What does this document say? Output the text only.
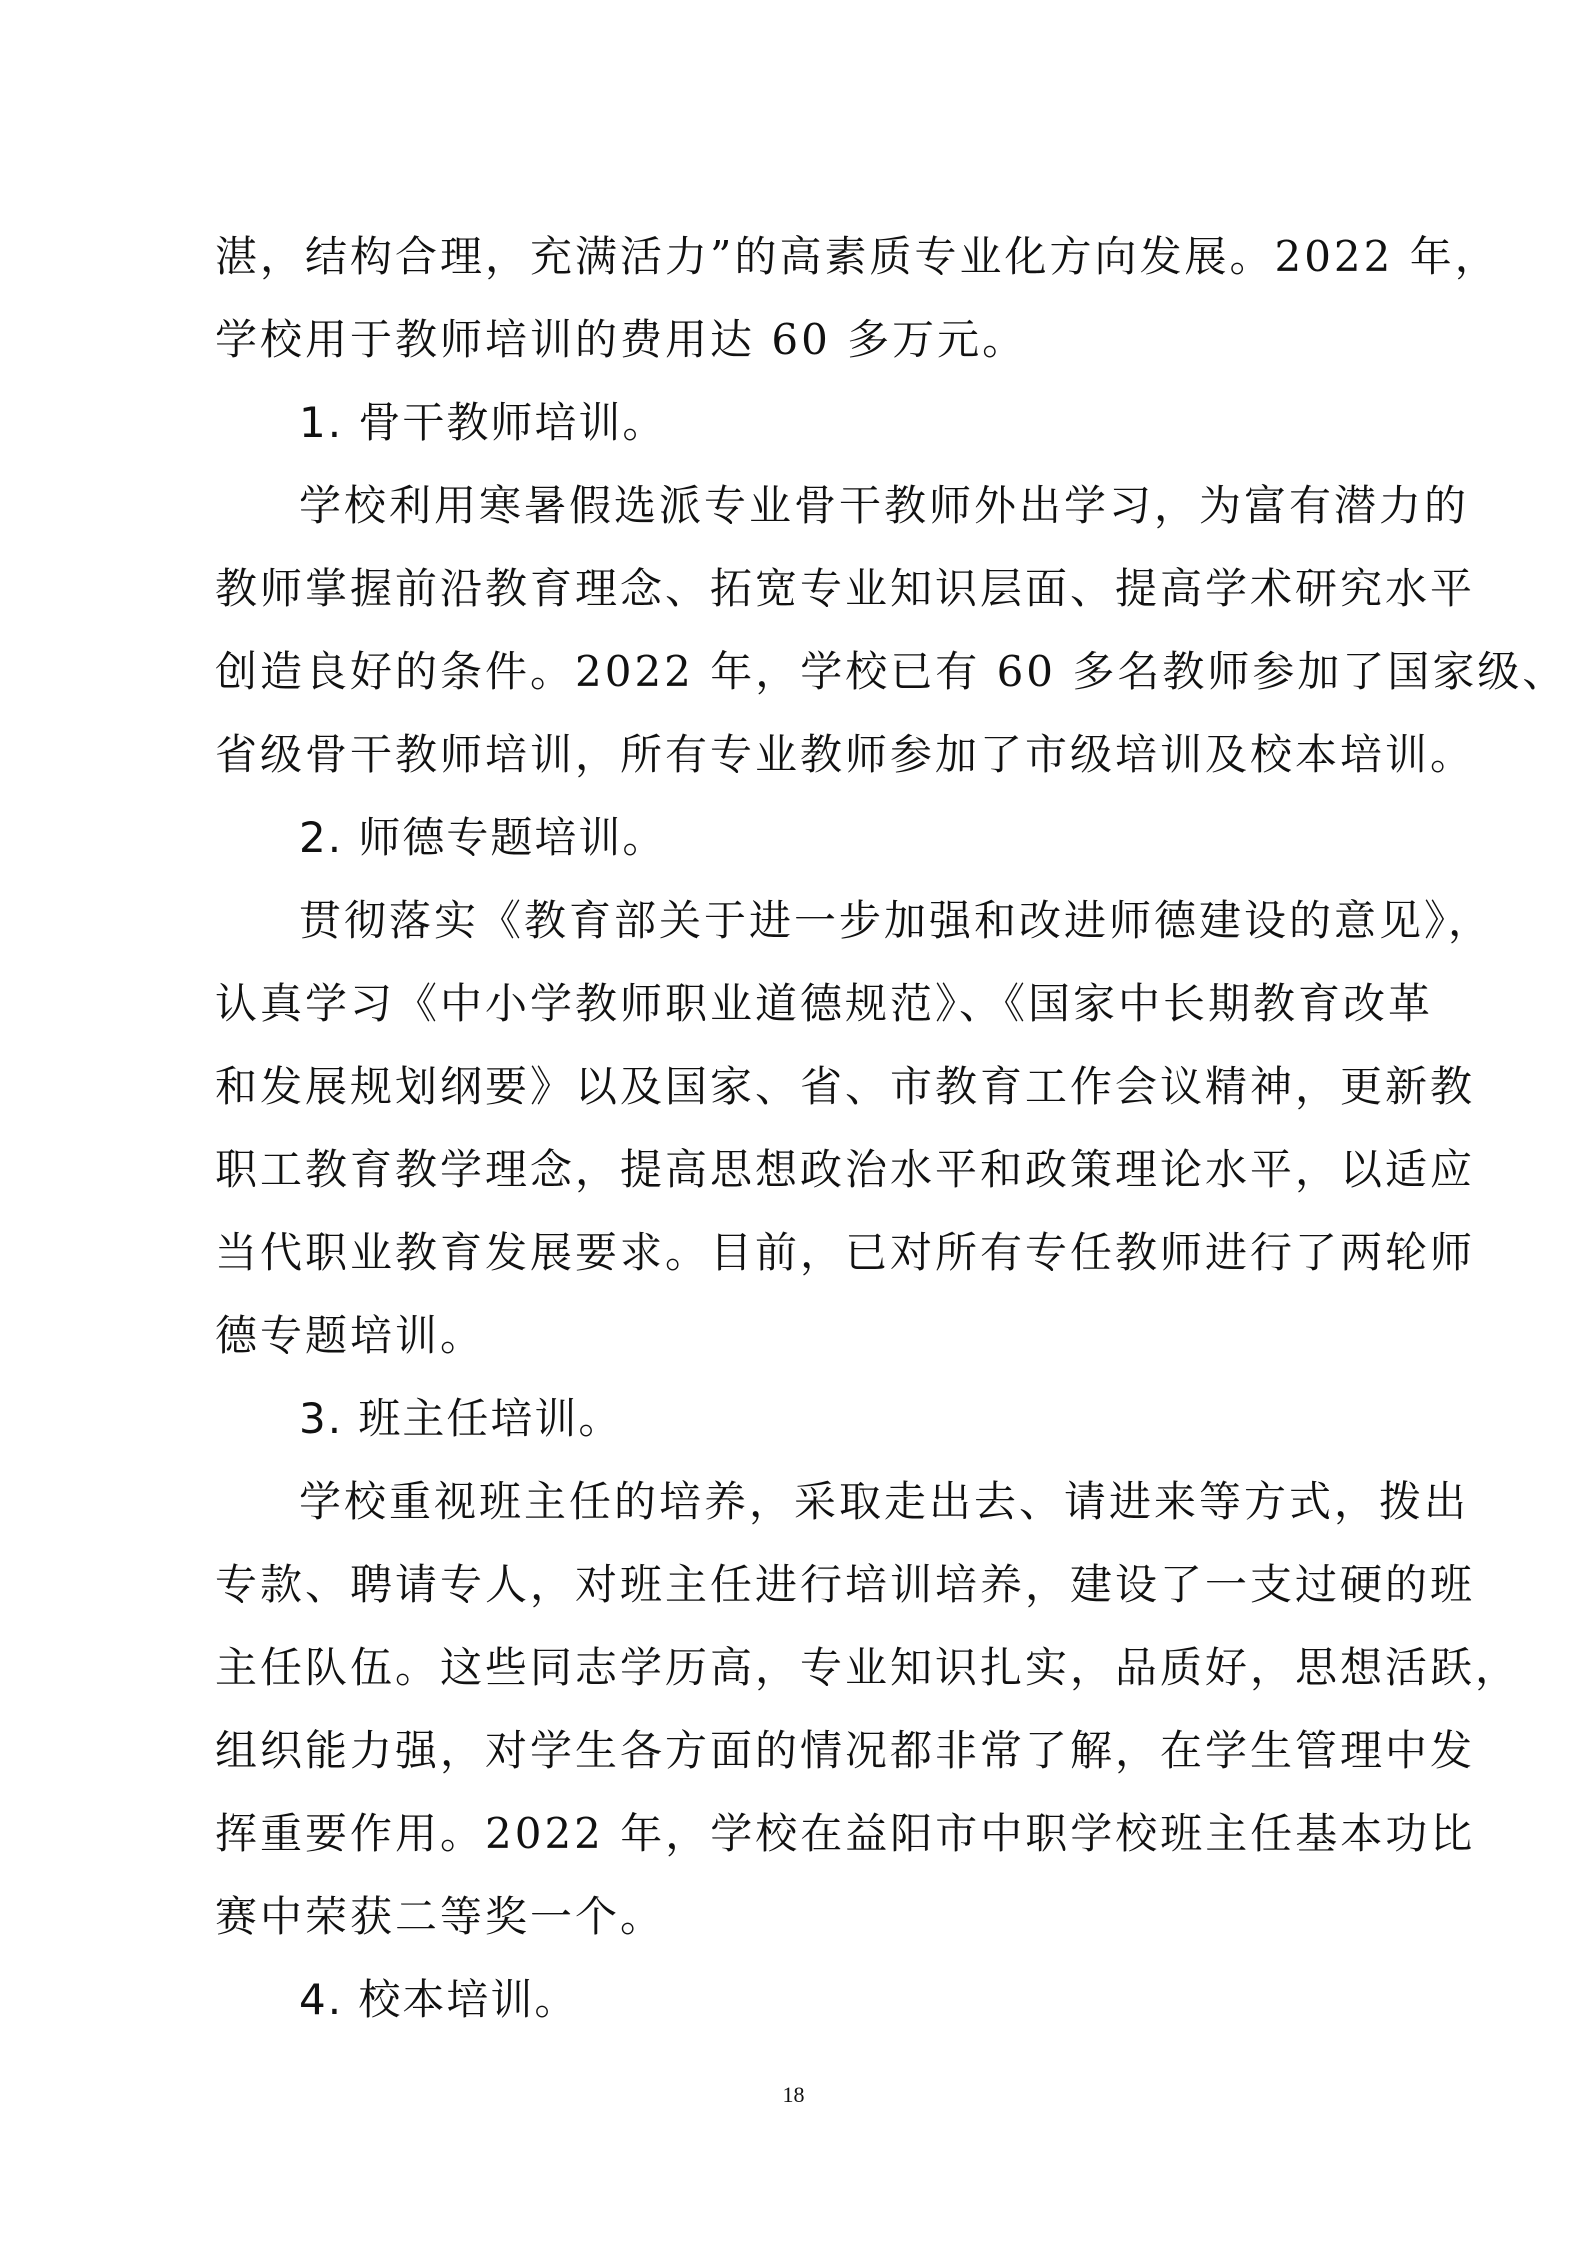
湛，结构合理，充满活力”的高素质专业化方向发展。2022 年，
学校用于教师培训的费用达 60 多万元。
1. 骨干教师培训。
学校利用寒暑假选派专业骨干教师外出学习，为富有潜力的
教师掌握前沿教育理念、拓宽专业知识层面、提高学术研究水平
创造良好的条件。2022 年，学校已有 60 多名教师参加了国家级、
省级骨干教师培训，所有专业教师参加了市级培训及校本培训。
2. 师德专题培训。
贯彻落实《教育部关于进一步加强和改进师德建设的意见》，
认真学习《中小学教师职业道德规范》、《国家中长期教育改革
和发展规划纲要》以及国家、省、市教育工作会议精神，更新教
职工教育教学理念，提高思想政治水平和政策理论水平，以适应
当代职业教育发展要求。目前，已对所有专任教师进行了两轮师
德专题培训。
3. 班主任培训。
学校重视班主任的培养，采取走出去、请进来等方式，拨出
专款、聘请专人，对班主任进行培训培养，建设了一支过硬的班
主任队伍。这些同志学历高，专业知识扎实，品质好，思想活跃，
组织能力强，对学生各方面的情况都非常了解，在学生管理中发
挥重要作用。2022 年，学校在益阳市中职学校班主任基本功比
赛中荣获二等奖一个。
4. 校本培训。
18
